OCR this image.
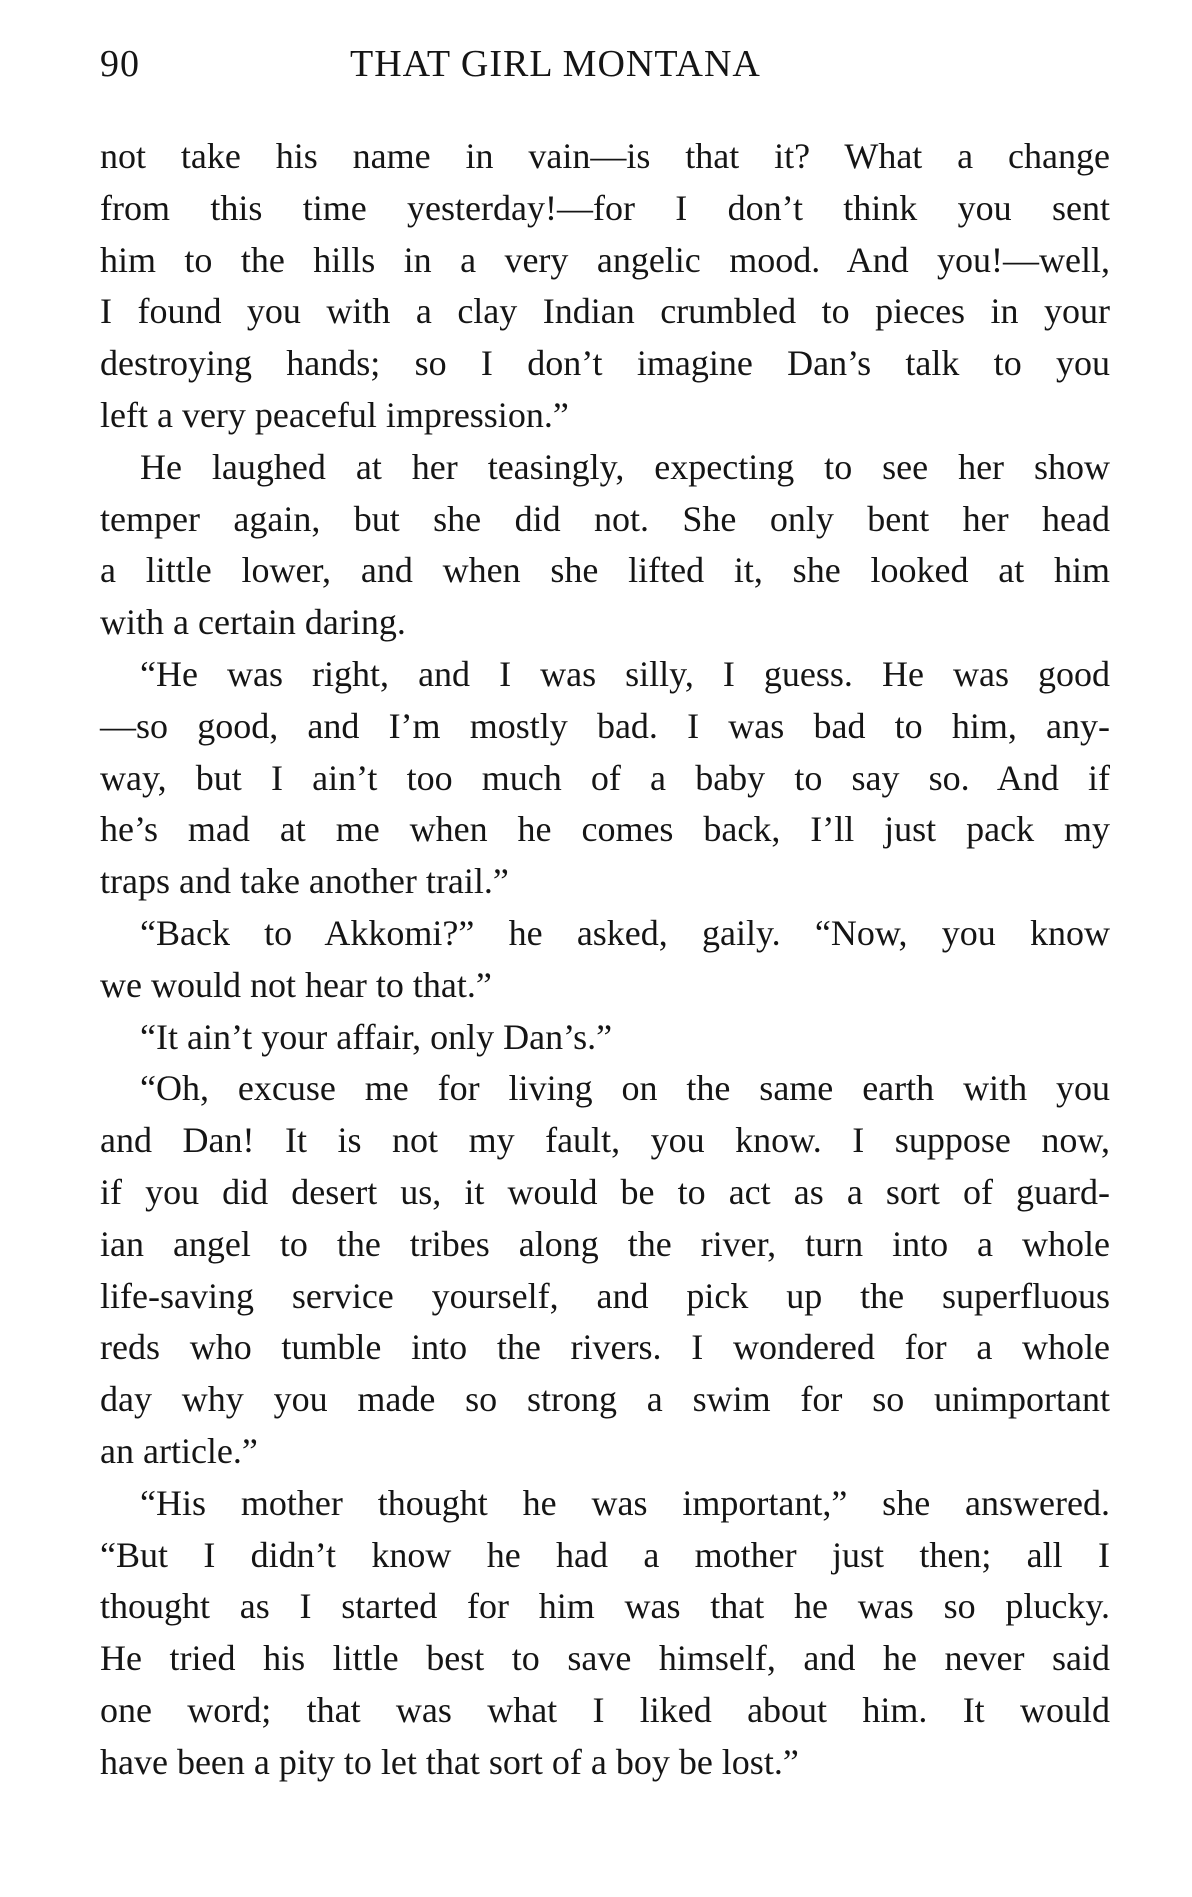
90	THAT GIRL MONTANA
not take his name in vain—is that it? What a change
from this time yesterday!—for I don’t think you sent
him to the hills in a very angelic mood. And you!—well,
I found you with a clay Indian crumbled to pieces in your
destroying hands; so I don’t imagine Dan’s talk to you
left a very peaceful impression.”
He laughed at her teasingly, expecting to see her show
temper again, but she did not. She only bent her head
a little lower, and when she lifted it, she looked at him
with a certain daring.
“He was right, and I was silly, I guess. He was good
—so good, and I’m mostly bad. I was bad to him, any-
way, but I ain’t too much of a baby to say so. And if
he’s mad at me when he comes back, I’ll just pack my
traps and take another trail.”
“Back to Akkomi?” he asked, gaily. “Now, you know
we would not hear to that.”
“It ain’t your affair, only Dan’s.”
“Oh, excuse me for living on the same earth with you
and Dan! It is not my fault, you know. I suppose now,
if you did desert us, it would be to act as a sort of guard-
ian angel to the tribes along the river, turn into a whole
life-saving service yourself, and pick up the superfluous
reds who tumble into the rivers. I wondered for a whole
day why you made so strong a swim for so unimportant
an article.”
“His mother thought he was important,” she answered.
“But I didn’t know he had a mother just then; all I
thought as I started for him was that he was so plucky.
He tried his little best to save himself, and he never said
one word; that was what I liked about him. It would
have been a pity to let that sort of a boy be lost.”
